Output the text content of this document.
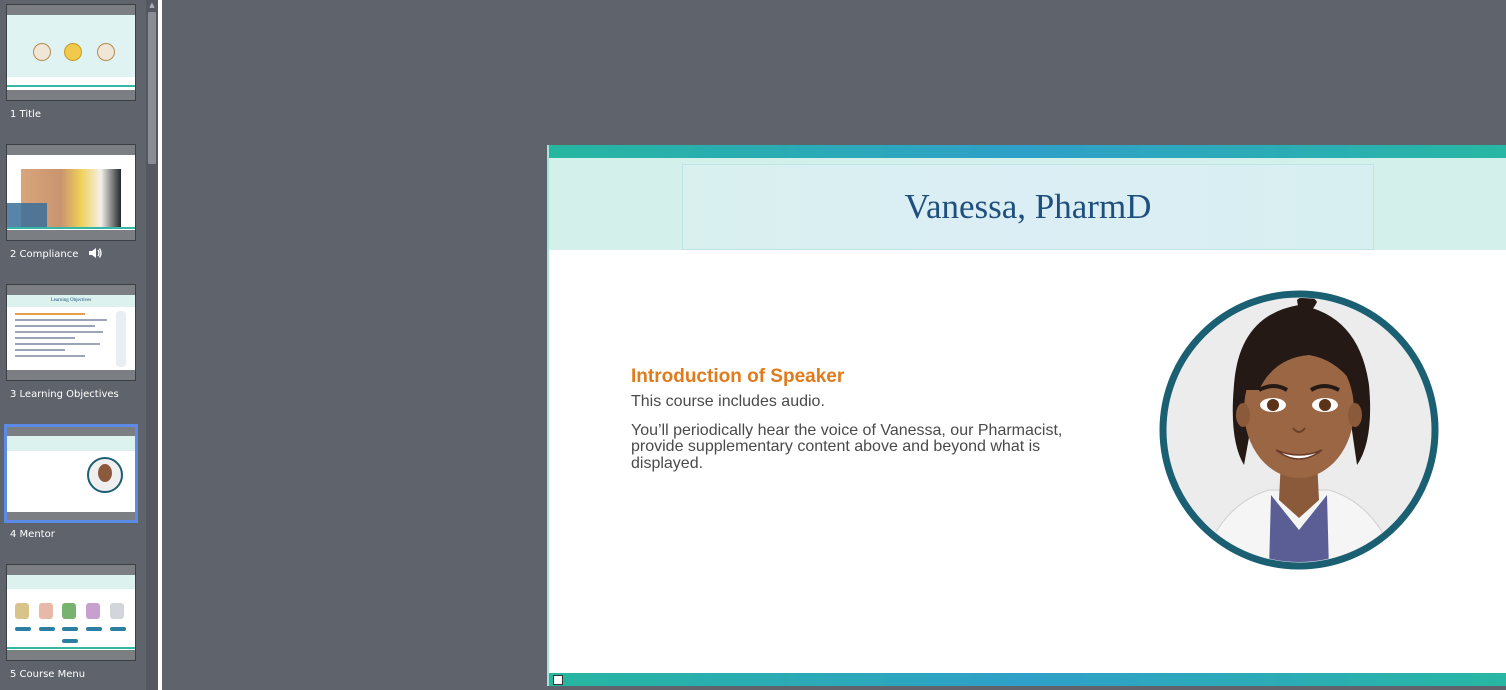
1 Title
2 Compliance
Learning Objectives
3 Learning Objectives
4 Mentor
5 Course Menu
▲
Vanessa, PharmD
Introduction of Speaker

This course includes audio.

You’ll periodically hear the voice of Vanessa, our Pharmacist, provide supplementary content above and beyond what is displayed.
